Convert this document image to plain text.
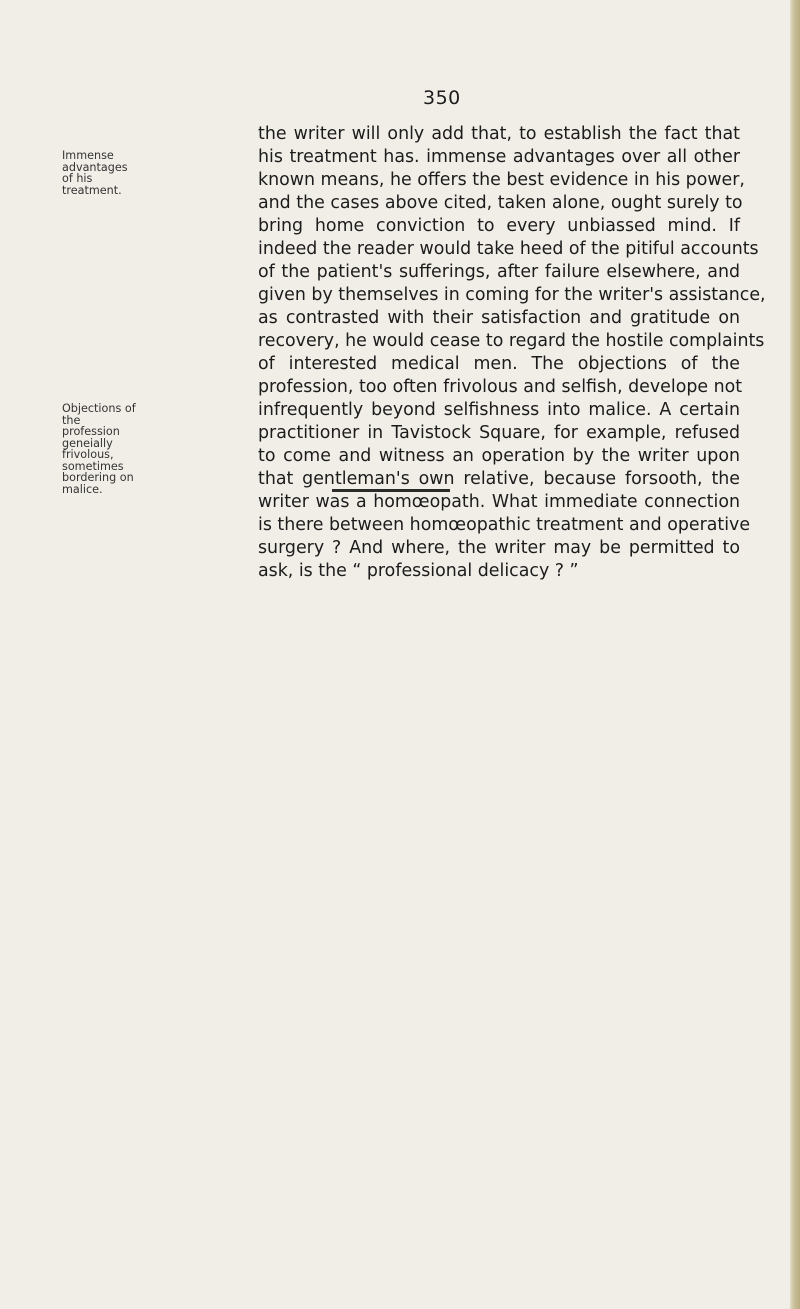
350
Immense
advantages
of his
treatment.
Objections of
the
profession
geneially
frivolous,
sometimes
bordering on
malice.
the writer will only add that, to establish the fact that
his treatment has. immense advantages over all other
known means, he offers the best evidence in his power,
and the cases above cited, taken alone, ought surely to
bring home conviction to every unbiassed mind. If
indeed the reader would take heed of the pitiful accounts
of the patient's sufferings, after failure elsewhere, and
given by themselves in coming for the writer's assistance,
as contrasted with their satisfaction and gratitude on
recovery, he would cease to regard the hostile complaints
of interested medical men. The objections of the
profession, too often frivolous and selfish, develope not
infrequently beyond selfishness into malice. A certain
practitioner in Tavistock Square, for example, refused
to come and witness an operation by the writer upon
that gentleman's own relative, because forsooth, the
writer was a homœopath. What immediate connection
is there between homœopathic treatment and operative
surgery ? And where, the writer may be permitted to
ask, is the “ professional delicacy ? ”
